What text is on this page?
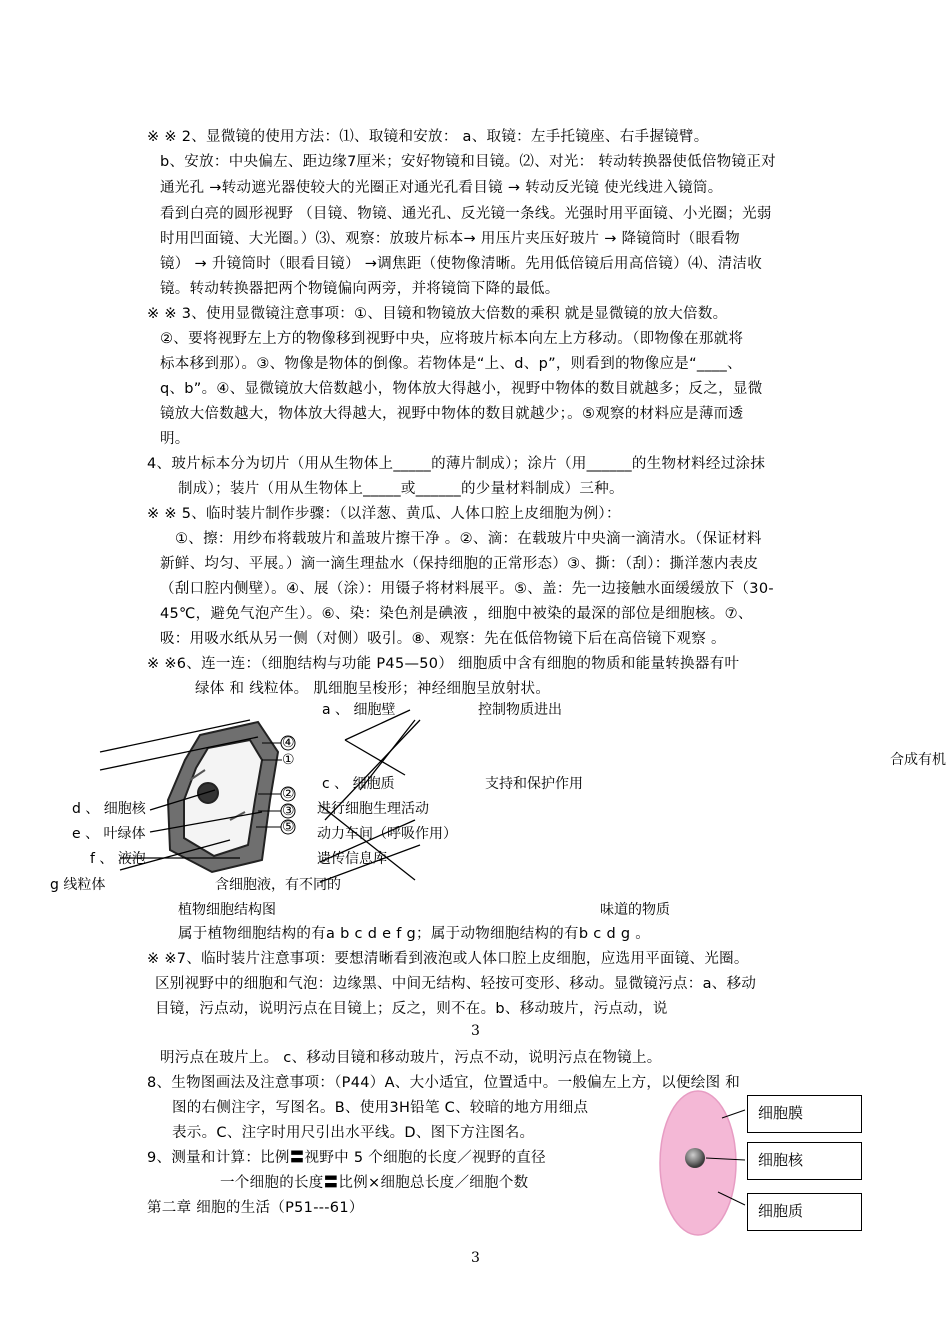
※ ※ 2、显微镜的使用方法：⑴、取镜和安放： a、取镜：左手托镜座、右手握镜臂。
b、安放：中央偏左、距边缘7厘米；安好物镜和目镜。⑵、对光： 转动转换器使低倍物镜正对
通光孔 →转动遮光器使较大的光圈正对通光孔看目镜 → 转动反光镜 使光线进入镜筒。
看到白亮的圆形视野 （目镜、物镜、通光孔、反光镜一条线。光强时用平面镜、小光圈；光弱
时用凹面镜、大光圈。）⑶、观察：放玻片标本→ 用压片夹压好玻片 → 降镜筒时（眼看物
镜） → 升镜筒时（眼看目镜） →调焦距（使物像清晰。先用低倍镜后用高倍镜）⑷、清洁收
镜。转动转换器把两个物镜偏向两旁，并将镜筒下降的最低。
※ ※ 3、使用显微镜注意事项：①、目镜和物镜放大倍数的乘积 就是显微镜的放大倍数。
②、要将视野左上方的物像移到视野中央，应将玻片标本向左上方移动。（即物像在那就将
标本移到那）。③、物像是物体的倒像。若物体是“上、d、p”，则看到的物像应是“____、
q、b”。④、显微镜放大倍数越小，物体放大得越小，视野中物体的数目就越多；反之，显微
镜放大倍数越大，物体放大得越大，视野中物体的数目就越少；。⑤观察的材料应是薄而透
明。
4、玻片标本分为切片（用从生物体上_____的薄片制成）；涂片（用______的生物材料经过涂抹
制成）；装片（用从生物体上_____或______的少量材料制成）三种。
※ ※ 5、临时装片制作步骤：（以洋葱、黄瓜、人体口腔上皮细胞为例）：
①、擦：用纱布将载玻片和盖玻片擦干净 。②、滴：在载玻片中央滴一滴清水。（保证材料
新鲜、均匀、平展。）滴一滴生理盐水（保持细胞的正常形态）③、撕：（刮）：撕洋葱内表皮
（刮口腔内侧壁）。④、展（涂）：用镊子将材料展平。⑤、盖：先一边接触水面缓缓放下（30-
45℃，避免气泡产生）。⑥、染：染色剂是碘液 ，细胞中被染的最深的部位是细胞核。⑦、
吸：用吸水纸从另一侧（对侧）吸引。⑧、观察：先在低倍物镜下后在高倍镜下观察 。
※ ※6、连一连：（细胞结构与功能 P45—50） 细胞质中含有细胞的物质和能量转换器有叶
绿体 和 线粒体。 肌细胞呈梭形；神经细胞呈放射状。
④
①
②
③
⑤
d 、 细胞核
e 、 叶绿体
f 、 液泡
g 线粒体
a 、 细胞壁
c 、 细胞质
进行细胞生理活动
动力车间（呼吸作用）
遗传信息库
含细胞液，有不同的
控制物质进出
支持和保护作用
合成有机
味道的物质
植物细胞结构图
属于植物细胞结构的有a b c d e f g；属于动物细胞结构的有b c d g 。
※ ※7、临时装片注意事项：要想清晰看到液泡或人体口腔上皮细胞，应选用平面镜、光圈。
区别视野中的细胞和气泡：边缘黑、中间无结构、轻按可变形、移动。显微镜污点：a、移动
目镜，污点动，说明污点在目镜上；反之，则不在。b、移动玻片，污点动，说
3
明污点在玻片上。 c、移动目镜和移动玻片，污点不动，说明污点在物镜上。
8、生物图画法及注意事项：（P44）A、大小适宜，位置适中。一般偏左上方，以便绘图 和
图的右侧注字，写图名。B、使用3H铅笔 C、较暗的地方用细点
表示。C、注字时用尺引出水平线。D、图下方注图名。
9、测量和计算：比例〓视野中 5 个细胞的长度／视野的直径
一个细胞的长度〓比例×细胞总长度／细胞个数
第二章 细胞的生活（P51---61）
细胞膜
细胞核
细胞质
3
